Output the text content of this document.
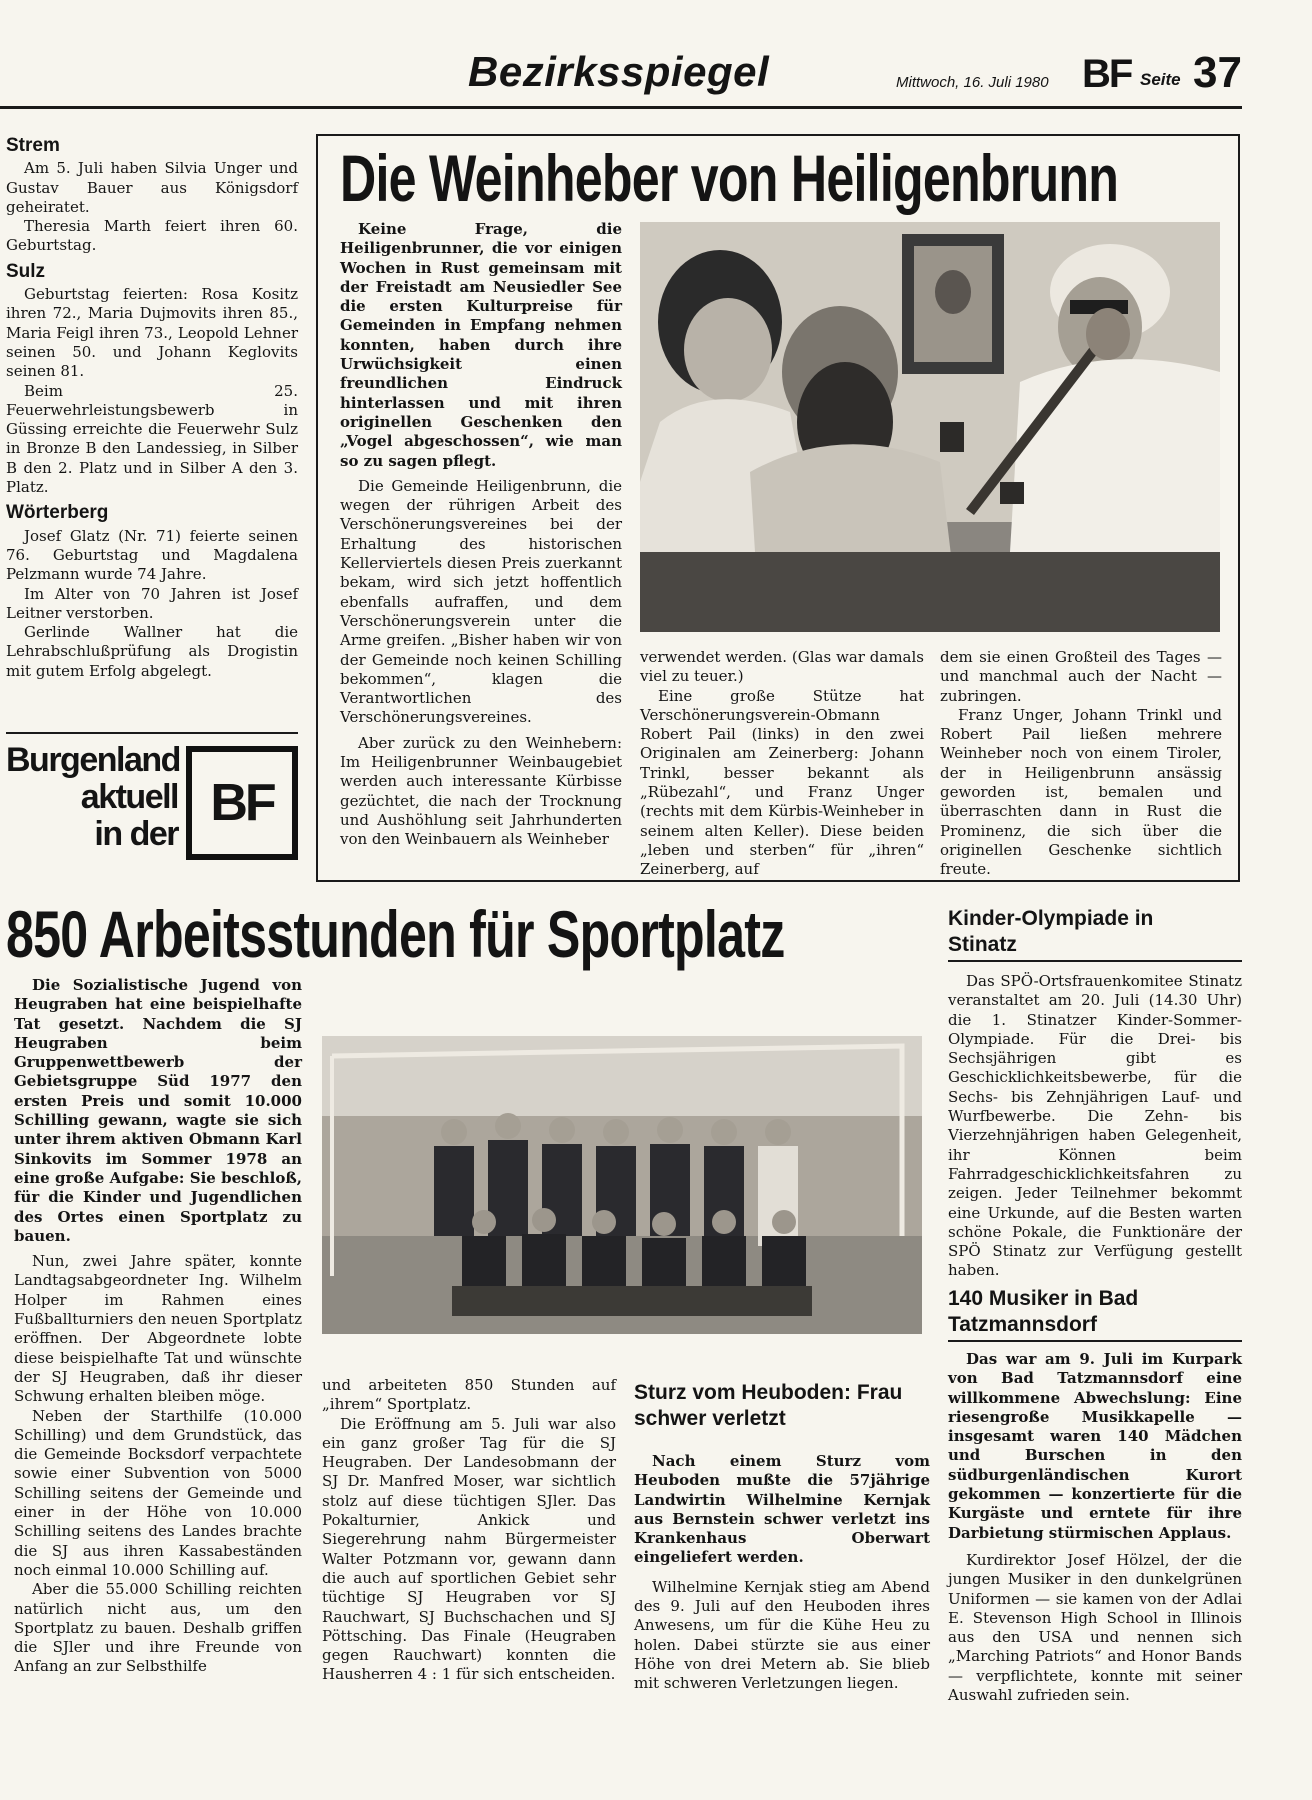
Bezirksspiegel	Mittwoch, 16. Juli 1980 BF Seite 37
Strem

Am 5. Juli haben Silvia Unger und Gustav Bauer aus Königsdorf geheiratet.

Theresia Marth feiert ihren 60. Geburtstag.

Sulz

Geburtstag feierten: Rosa Kositz ihren 72., Maria Dujmovits ihren 85., Maria Feigl ihren 73., Leopold Lehner seinen 50. und Johann Keglovits seinen 81.

Beim 25. Feuerwehrleistungsbewerb in Güssing erreichte die Feuerwehr Sulz in Bronze B den Landessieg, in Silber B den 2. Platz und in Silber A den 3. Platz.

Wörterberg

Josef Glatz (Nr. 71) feierte seinen 76. Geburtstag und Magdalena Pelzmann wurde 74 Jahre.

Im Alter von 70 Jahren ist Josef Leitner verstorben.

Gerlinde Wallner hat die Lehrabschlußprüfung als Drogistin mit gutem Erfolg abgelegt.

Burgenland
aktuell
in der
BF
Die Weinheber von Heiligenbrunn

Keine Frage, die Heiligenbrunner, die vor einigen Wochen in Rust gemeinsam mit der Freistadt am Neusiedler See die ersten Kulturpreise für Gemeinden in Empfang nehmen konnten, haben durch ihre Urwüchsigkeit einen freundlichen Eindruck hinterlassen und mit ihren originellen Geschenken den „Vogel abgeschossen“, wie man so zu sagen pflegt.

Die Gemeinde Heiligenbrunn, die wegen der rührigen Arbeit des Verschönerungsvereines bei der Erhaltung des historischen Kellerviertels diesen Preis zuerkannt bekam, wird sich jetzt hoffentlich ebenfalls aufraffen, und dem Verschönerungsverein unter die Arme greifen. „Bisher haben wir von der Gemeinde noch keinen Schilling bekommen“, klagen die Verantwortlichen des Verschönerungsvereines.

Aber zurück zu den Weinhebern: Im Heiligenbrunner Weinbaugebiet werden auch interessante Kürbisse gezüchtet, die nach der Trocknung und Aushöhlung seit Jahrhunderten von den Weinbauern als Weinheber

verwendet werden. (Glas war damals viel zu teuer.)

Eine große Stütze hat Verschönerungsverein-Obmann Robert Pail (links) in den zwei Originalen am Zeinerberg: Johann Trinkl, besser bekannt als „Rübezahl“, und Franz Unger (rechts mit dem Kürbis-Weinheber in seinem alten Keller). Diese beiden „leben und sterben“ für „ihren“ Zeinerberg, auf

dem sie einen Großteil des Tages — und manchmal auch der Nacht — zubringen.

Franz Unger, Johann Trinkl und Robert Pail ließen mehrere Weinheber noch von einem Tiroler, der in Heiligenbrunn ansässig geworden ist, bemalen und überraschten dann in Rust die Prominenz, die sich über die originellen Geschenke sichtlich freute.

850 Arbeitsstunden für Sportplatz

Die Sozialistische Jugend von Heugraben hat eine beispielhafte Tat gesetzt. Nachdem die SJ Heugraben beim Gruppenwettbewerb der Gebietsgruppe Süd 1977 den ersten Preis und somit 10.000 Schilling gewann, wagte sie sich unter ihrem aktiven Obmann Karl Sinkovits im Sommer 1978 an eine große Aufgabe: Sie beschloß, für die Kinder und Jugendlichen des Ortes einen Sportplatz zu bauen.

Nun, zwei Jahre später, konnte Landtagsabgeordneter Ing. Wilhelm Holper im Rahmen eines Fußballturniers den neuen Sportplatz eröffnen. Der Abgeordnete lobte diese beispielhafte Tat und wünschte der SJ Heugraben, daß ihr dieser Schwung erhalten bleiben möge.

Neben der Starthilfe (10.000 Schilling) und dem Grundstück, das die Gemeinde Bocksdorf verpachtete sowie einer Subvention von 5000 Schilling seitens der Gemeinde und einer in der Höhe von 10.000 Schilling seitens des Landes brachte die SJ aus ihren Kassabeständen noch einmal 10.000 Schilling auf.

Aber die 55.000 Schilling reichten natürlich nicht aus, um den Sportplatz zu bauen. Deshalb griffen die SJler und ihre Freunde von Anfang an zur Selbsthilfe

und arbeiteten 850 Stunden auf „ihrem“ Sportplatz.

Die Eröffnung am 5. Juli war also ein ganz großer Tag für die SJ Heugraben. Der Landesobmann der SJ Dr. Manfred Moser, war sichtlich stolz auf diese tüchtigen SJler. Das Pokalturnier, Ankick und Siegerehrung nahm Bürgermeister Walter Potzmann vor, gewann dann die auch auf sportlichen Gebiet sehr tüchtige SJ Heugraben vor SJ Rauchwart, SJ Buchschachen und SJ Pöttsching. Das Finale (Heugraben gegen Rauchwart) konnten die Hausherren 4 : 1 für sich entscheiden.

Sturz vom Heuboden: Frau schwer verletzt

Nach einem Sturz vom Heuboden mußte die 57jährige Landwirtin Wilhelmine Kernjak aus Bernstein schwer verletzt ins Krankenhaus Oberwart eingeliefert werden.

Wilhelmine Kernjak stieg am Abend des 9. Juli auf den Heuboden ihres Anwesens, um für die Kühe Heu zu holen. Dabei stürzte sie aus einer Höhe von drei Metern ab. Sie blieb mit schweren Verletzungen liegen.

Kinder-Olympiade in Stinatz

Das SPÖ-Ortsfrauenkomitee Stinatz veranstaltet am 20. Juli (14.30 Uhr) die 1. Stinatzer Kinder-Sommer-Olympiade. Für die Drei- bis Sechsjährigen gibt es Geschicklichkeitsbewerbe, für die Sechs- bis Zehnjährigen Lauf- und Wurfbewerbe. Die Zehn- bis Vierzehnjährigen haben Gelegenheit, ihr Können beim Fahrradgeschicklichkeitsfahren zu zeigen. Jeder Teilnehmer bekommt eine Urkunde, auf die Besten warten schöne Pokale, die Funktionäre der SPÖ Stinatz zur Verfügung gestellt haben.

140 Musiker in Bad Tatzmannsdorf

Das war am 9. Juli im Kurpark von Bad Tatzmannsdorf eine willkommene Abwechslung: Eine riesengroße Musikkapelle — insgesamt waren 140 Mädchen und Burschen in den südburgenländischen Kurort gekommen — konzertierte für die Kurgäste und erntete für ihre Darbietung stürmischen Applaus.

Kurdirektor Josef Hölzel, der die jungen Musiker in den dunkelgrünen Uniformen — sie kamen von der Adlai E. Stevenson High School in Illinois aus den USA und nennen sich „Marching Patriots“ and Honor Bands — verpflichtete, konnte mit seiner Auswahl zufrieden sein.
